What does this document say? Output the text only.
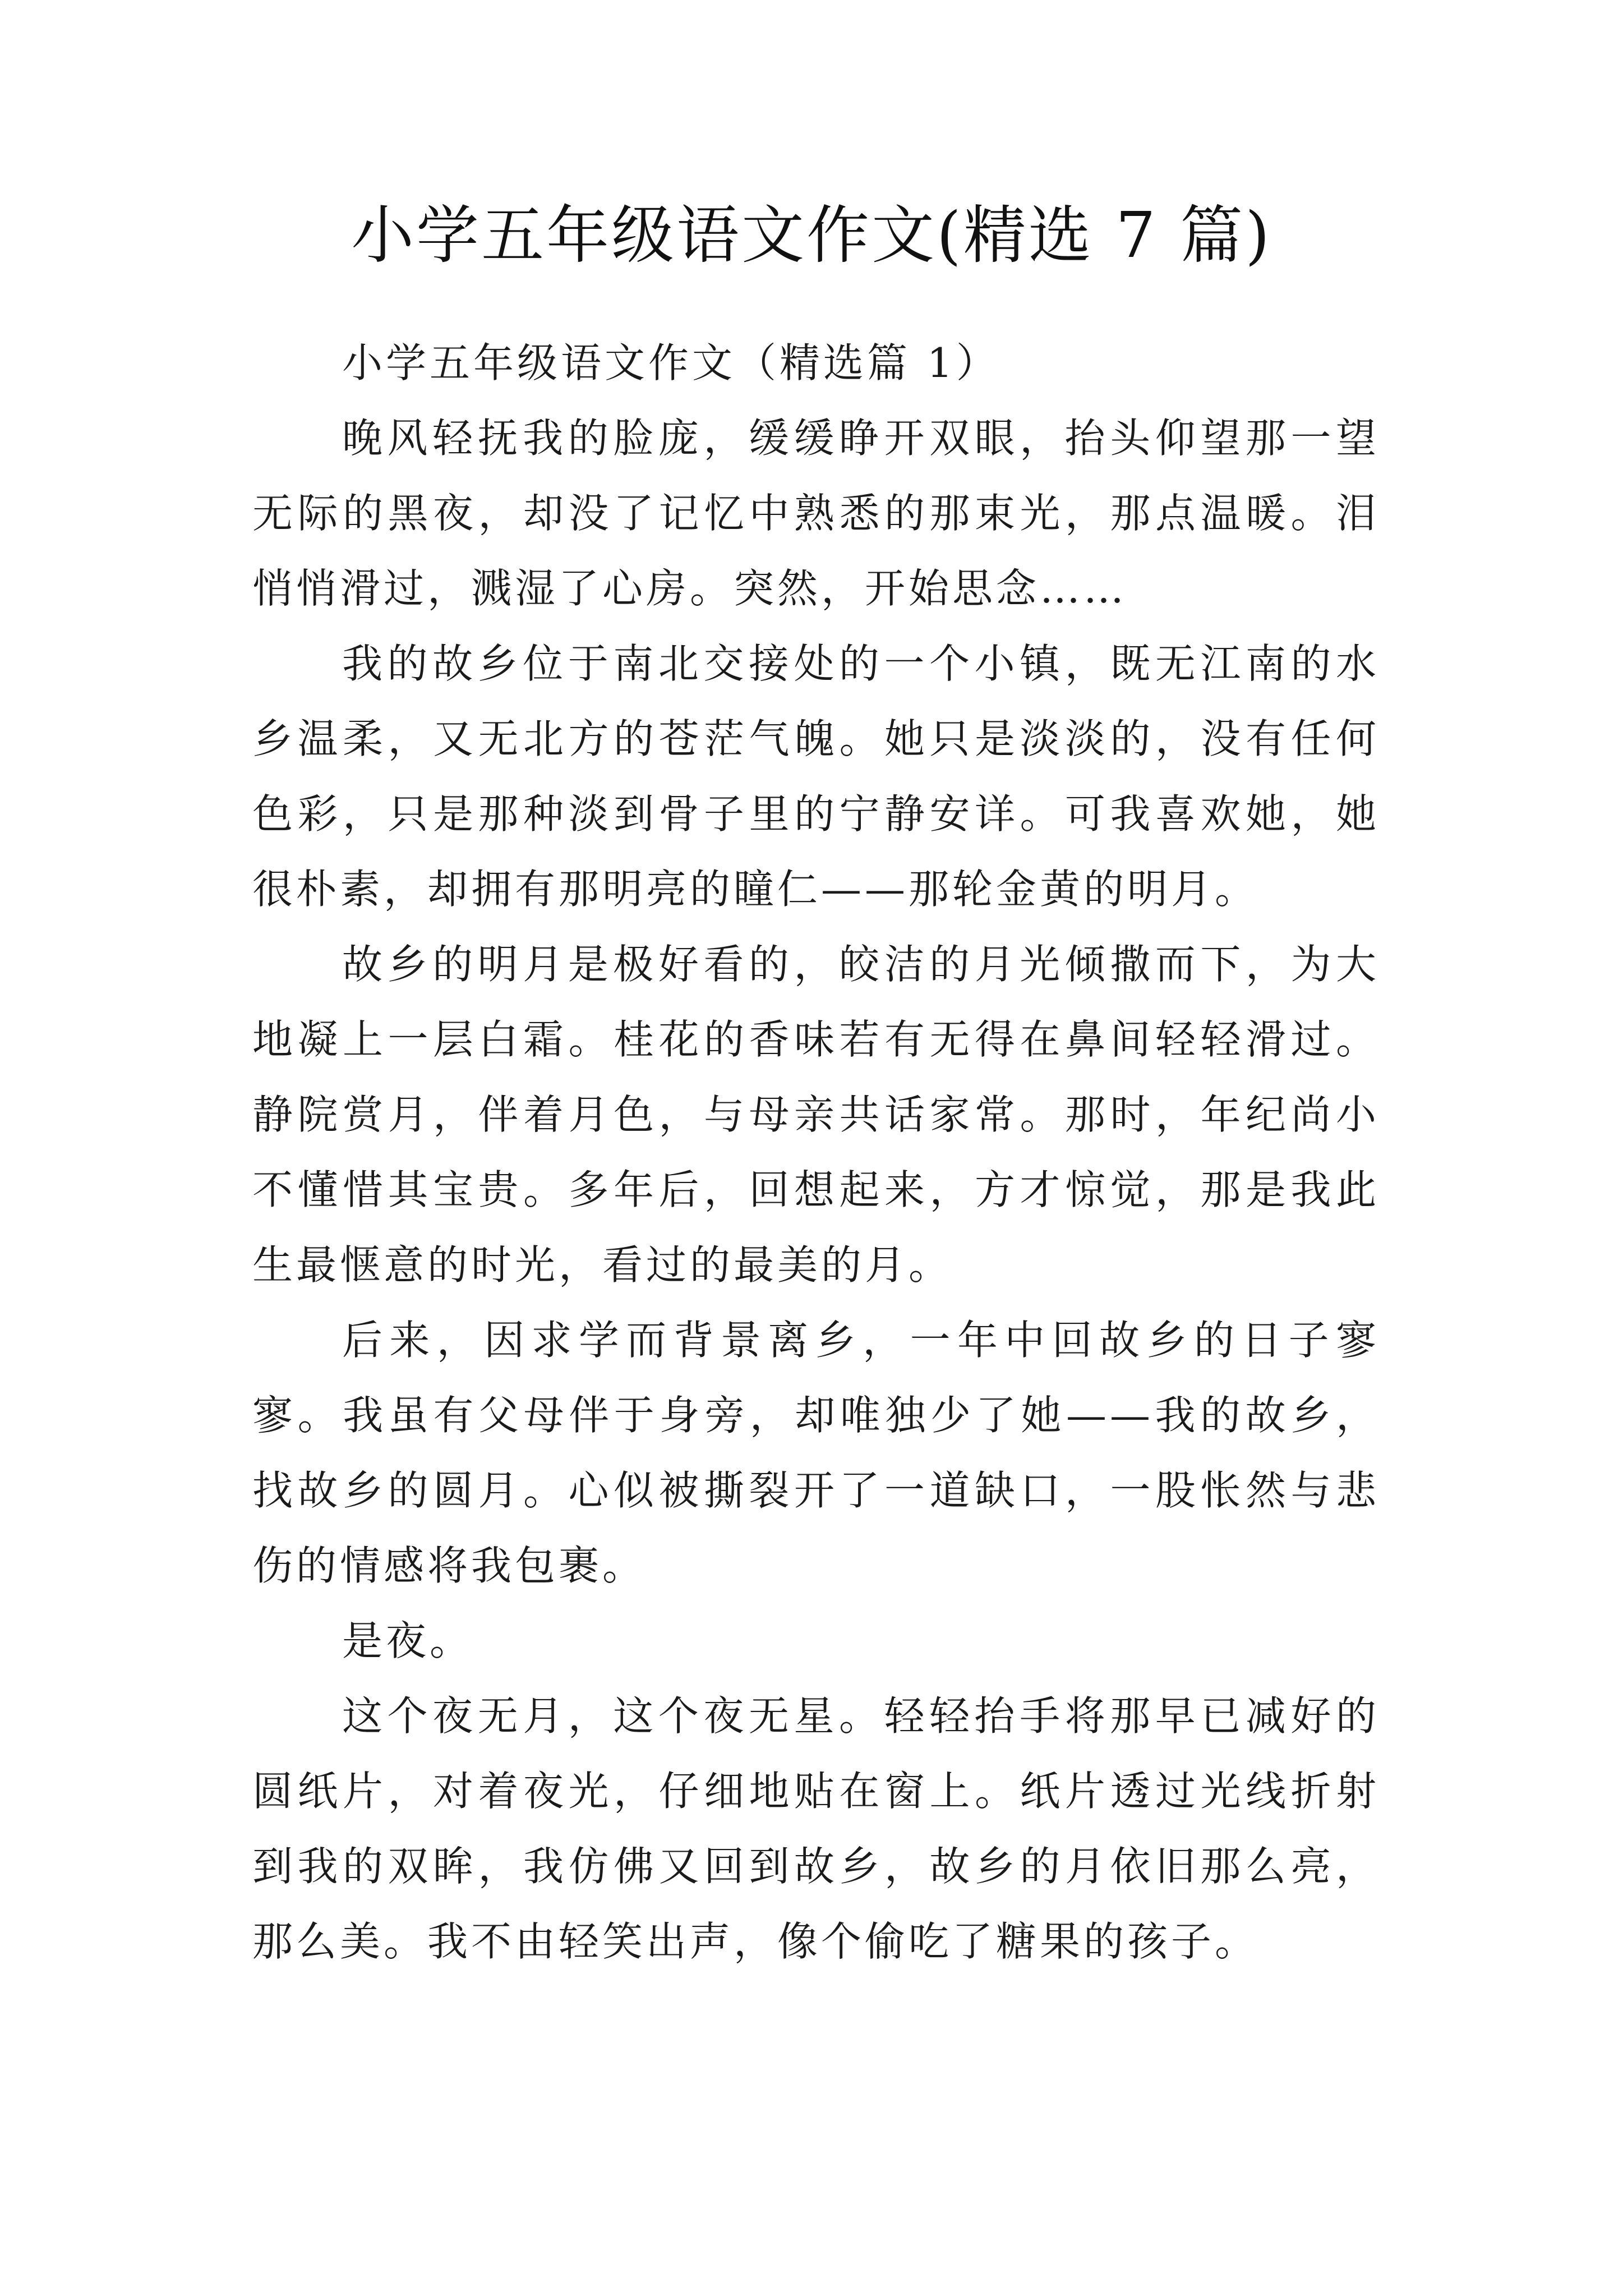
小学五年级语文作文(精选 7 篇)

小学五年级语文作文（精选篇 1）

晚风轻抚我的脸庞，缓缓睁开双眼，抬头仰望那一望无际的黑夜，却没了记忆中熟悉的那束光，那点温暖。泪悄悄滑过，溅湿了心房。突然，开始思念……

我的故乡位于南北交接处的一个小镇，既无江南的水乡温柔，又无北方的苍茫气魄。她只是淡淡的，没有任何色彩，只是那种淡到骨子里的宁静安详。可我喜欢她，她很朴素，却拥有那明亮的瞳仁——那轮金黄的明月。

故乡的明月是极好看的，皎洁的月光倾撒而下，为大地凝上一层白霜。桂花的香味若有无得在鼻间轻轻滑过。静院赏月，伴着月色，与母亲共话家常。那时，年纪尚小不懂惜其宝贵。多年后，回想起来，方才惊觉，那是我此生最惬意的时光，看过的最美的月。

后来，因求学而背景离乡，一年中回故乡的日子寥寥。我虽有父母伴于身旁，却唯独少了她——我的故乡，找故乡的圆月。心似被撕裂开了一道缺口，一股怅然与悲伤的情感将我包裹。

是夜。

这个夜无月，这个夜无星。轻轻抬手将那早已减好的圆纸片，对着夜光，仔细地贴在窗上。纸片透过光线折射到我的双眸，我仿佛又回到故乡，故乡的月依旧那么亮，那么美。我不由轻笑出声，像个偷吃了糖果的孩子。
